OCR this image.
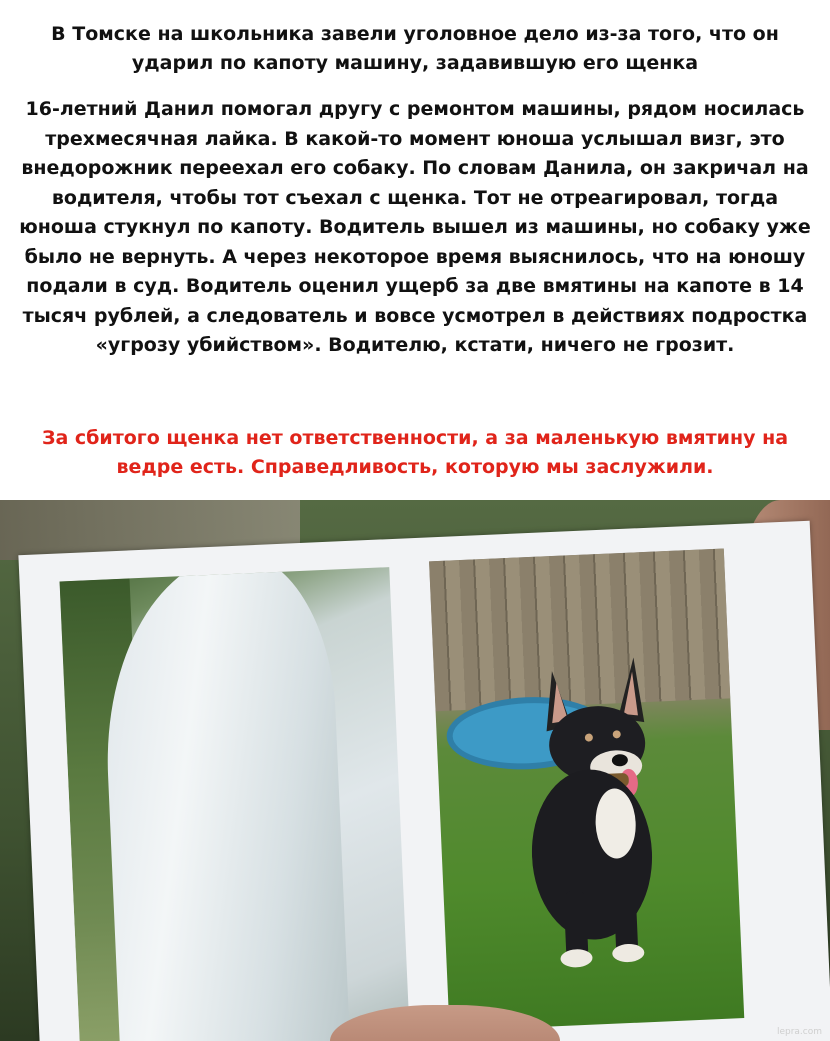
В Томске на школьника завели уголовное дело из-за того, что он ударил по капоту машину, задавившую его щенка

16-летний Данил помогал другу с ремонтом машины, рядом носилась трехмесячная лайка. В какой-то момент юноша услышал визг, это внедорожник переехал его собаку. По словам Данила, он закричал на водителя, чтобы тот съехал с щенка. Тот не отреагировал, тогда юноша стукнул по капоту. Водитель вышел из машины, но собаку уже было не вернуть. А через некоторое время выяснилось, что на юношу подали в суд. Водитель оценил ущерб за две вмятины на капоте в 14 тысяч рублей, а следователь и вовсе усмотрел в действиях подростка «угрозу убийством». Водителю, кстати, ничего не грозит.

За сбитого щенка нет ответственности, а за маленькую вмятину на ведре есть. Справедливость, которую мы заслужили.

lepra.com
